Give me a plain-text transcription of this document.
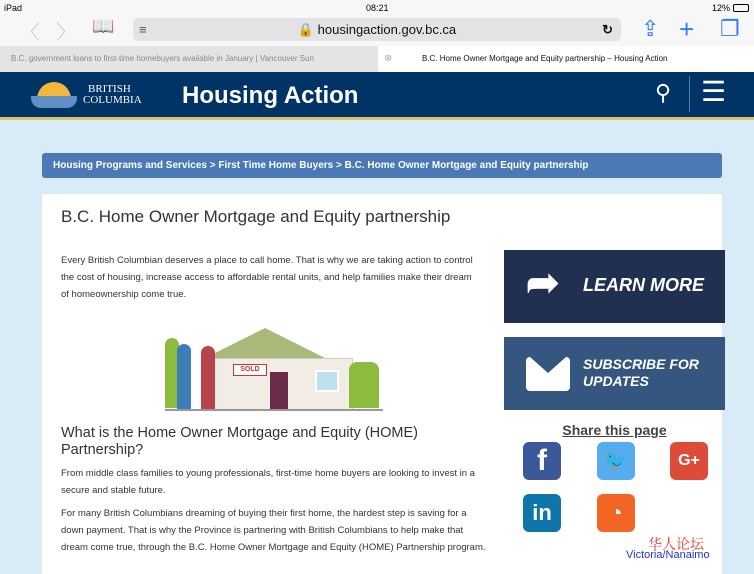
iPad	08:21	12%
〈 〉 📖 ≡	🔒 housingaction.gov.bc.ca	↻ ⇪ + ❐
B.C. government loans to first-time homebuyers available in January | Vancouver Sun	⊗	B.C. Home Owner Mortgage and Equity partnership – Housing Action
BRITISH
COLUMBIA Housing Action	⚲ ☰
Housing Programs and Services > First Time Home Buyers > B.C. Home Owner Mortgage and Equity partnership
B.C. Home Owner Mortgage and Equity partnership

Every British Columbian deserves a place to call home. That is why we are taking action to control the cost of housing, increase access to affordable rental units, and help families make their dream of homeownership come true.

SOLD
What is the Home Owner Mortgage and Equity (HOME) Partnership?

From middle class families to young professionals, first-time home buyers are looking to invest in a secure and stable future.

For many British Columbians dreaming of buying their first home, the hardest step is saving for a down payment. That is why the Province is partnering with British Columbians to help make that dream come true, through the B.C. Home Owner Mortgage and Equity (HOME) Partnership program.

➦ LEARN MORE
SUBSCRIBE FOR
UPDATES
Share this page
f	🐦	G+
in	◔
华人论坛
Victoria/Nanaimo
